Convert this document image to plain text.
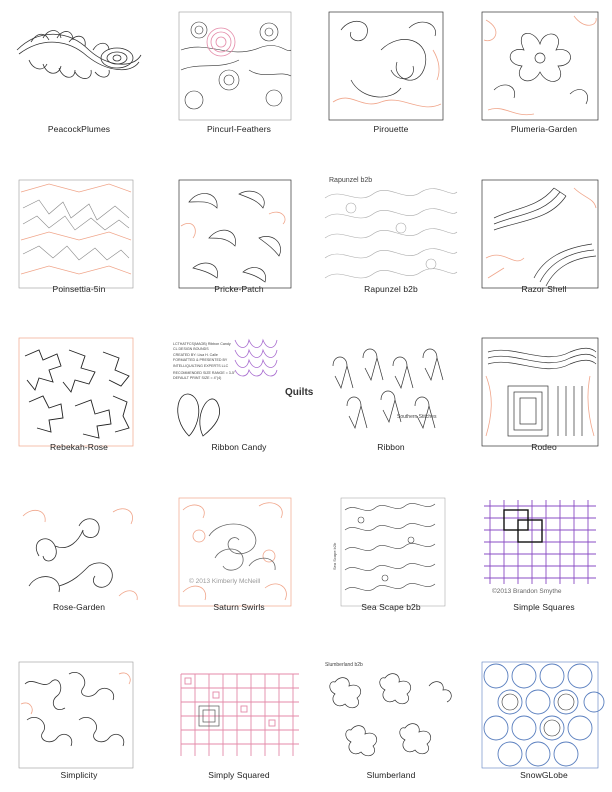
PeacockPlumes	Pincurl-Feathers	Pirouette	Plumeria-Garden
Poinsettia-5in	Pricke-Patch
Rapunzel b2b
Rapunzel b2b	Razor Shell
Rebekah-Rose
LCTHATFCS(MAOB) Ribbon Candy
CL DESIGN BOUNDS
CREATED BY: Lisa H. Calle
FORMATTED & PRESENTED BY
INTELLIQUILTING EXPERTS LLC
RECOMMENDED SIZE RANGE = 3-5"
DEFAULT PRINT SIZE = 4"(4)
Ribbon Candy
Quilts
Southern Stitches
Ribbon	Rodeo
Rose-Garden
© 2013 Kimberly McNeill
Saturn Swirls
Sea Scape b2b
Sea Scape b2b
©2013 Brandon Smythe
Simple Squares
Simplicity	Simply Squared
Slumberland b2b
Slumberland	SnowGLobe
